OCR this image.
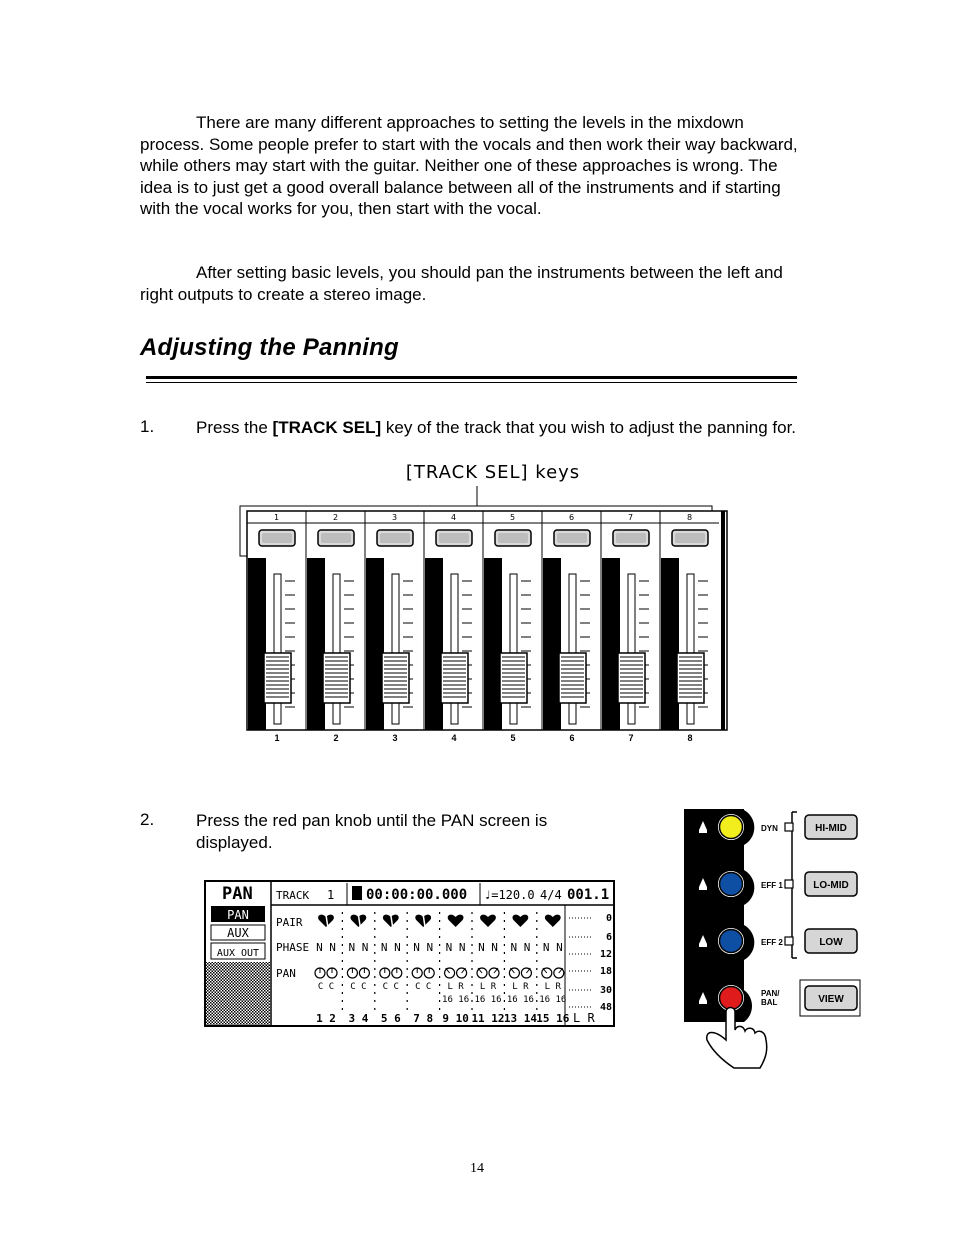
There are many different approaches to setting the levels in the mixdown process. Some people prefer to start with the vocals and then work their way backward, while others may start with the guitar. Neither one of these approaches is wrong. The idea is to just get a good overall balance between all of the instruments and if starting with the vocal works for you, then start with the vocal.

After setting basic levels, you should pan the instruments between the left and right outputs to create a stereo image.

Adjusting the Panning
1. Press the [TRACK SEL] key of the track that you wish to adjust the panning for.
[TRACK SEL] keys
1
1
2
2
3
3
4
4
5
5
6
6
7
7
8
8
2. Press the red pan knob until the PAN screen is displayed.
PAN
PAN
AUX
AUX OUT
TRACK 1 00:00:00.000 ♩=120.0 4/4 001.1
PAIR
PHASE
PAN
0
6
12
18
30
48
L R
N N
C C
1 2
N N
C C
3 4
N N
C C
5 6
N N
C C
7 8
N N
L R
16 16
9 10
N N
L R
16 16
11 12
N N
L R
16 16
13 14
N N
L R
16 16
15 16
DYN
EFF 1
EFF 2
PAN/
BAL
HI-MID
LO-MID
LOW
VIEW
14
